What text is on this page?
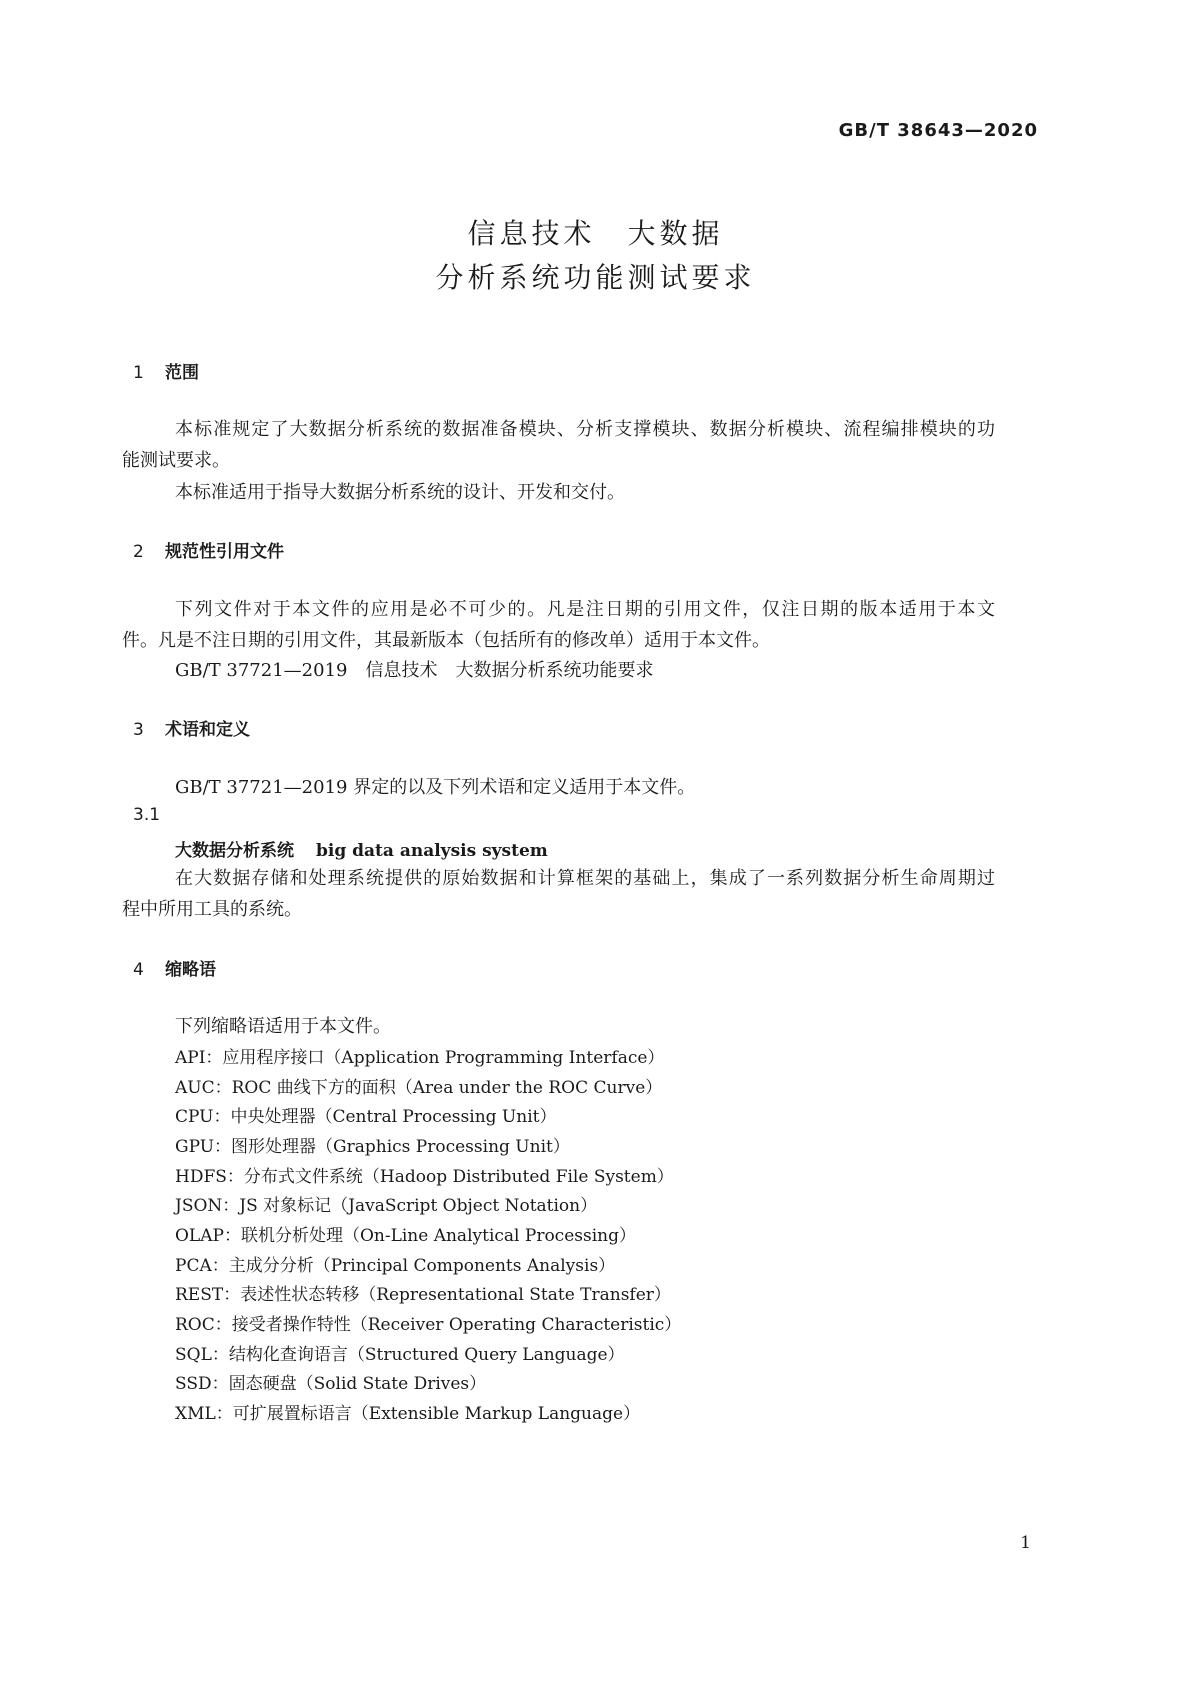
GB/T 38643—2020
信息技术　大数据
分析系统功能测试要求
1 范围
本标准规定了大数据分析系统的数据准备模块、分析支撑模块、数据分析模块、流程编排模块的功
能测试要求。
本标准适用于指导大数据分析系统的设计、开发和交付。
2 规范性引用文件
下列文件对于本文件的应用是必不可少的。凡是注日期的引用文件，仅注日期的版本适用于本文
件。凡是不注日期的引用文件，其最新版本（包括所有的修改单）适用于本文件。
GB/T 37721—2019　信息技术　大数据分析系统功能要求
3 术语和定义
GB/T 37721—2019 界定的以及下列术语和定义适用于本文件。
3.1
大数据分析系统 big data analysis system
在大数据存储和处理系统提供的原始数据和计算框架的基础上，集成了一系列数据分析生命周期过
程中所用工具的系统。
4 缩略语
下列缩略语适用于本文件。
API：应用程序接口（Application Programming Interface）
AUC：ROC 曲线下方的面积（Area under the ROC Curve）
CPU：中央处理器（Central Processing Unit）
GPU：图形处理器（Graphics Processing Unit）
HDFS：分布式文件系统（Hadoop Distributed File System）
JSON：JS 对象标记（JavaScript Object Notation）
OLAP：联机分析处理（On-Line Analytical Processing）
PCA：主成分分析（Principal Components Analysis）
REST：表述性状态转移（Representational State Transfer）
ROC：接受者操作特性（Receiver Operating Characteristic）
SQL：结构化查询语言（Structured Query Language）
SSD：固态硬盘（Solid State Drives）
XML：可扩展置标语言（Extensible Markup Language）
1
